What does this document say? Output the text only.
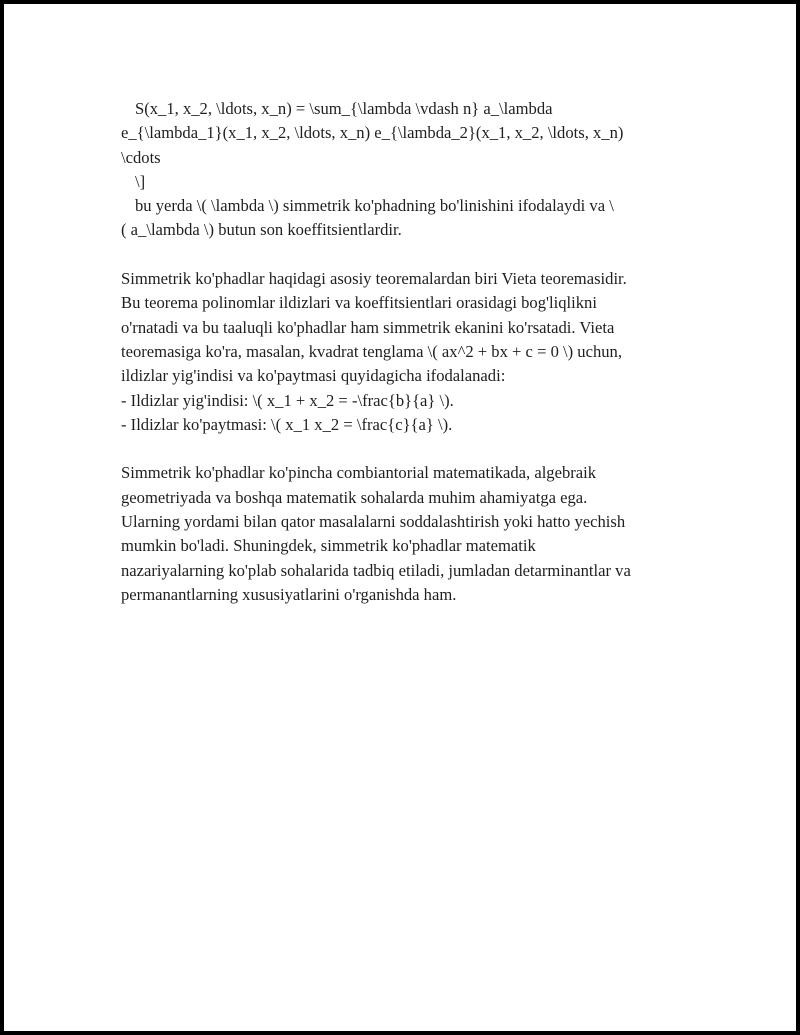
S(x_1, x_2, \ldots, x_n) = \sum_{\lambda \vdash n} a_\lambda
e_{\lambda_1}(x_1, x_2, \ldots, x_n) e_{\lambda_2}(x_1, x_2, \ldots, x_n)
\cdots
\]
bu yerda \( \lambda \) simmetrik ko'phadning bo'linishini ifodalaydi va \
( a_\lambda \) butun son koeffitsientlardir.
Simmetrik ko'phadlar haqidagi asosiy teoremalardan biri Vieta teoremasidir.
Bu teorema polinomlar ildizlari va koeffitsientlari orasidagi bog'liqlikni
o'rnatadi va bu taaluqli ko'phadlar ham simmetrik ekanini ko'rsatadi. Vieta
teoremasiga ko'ra, masalan, kvadrat tenglama \( ax^2 + bx + c = 0 \) uchun,
ildizlar yig'indisi va ko'paytmasi quyidagicha ifodalanadi:
- Ildizlar yig'indisi: \( x_1 + x_2 = -\frac{b}{a} \).
- Ildizlar ko'paytmasi: \( x_1 x_2 = \frac{c}{a} \).
Simmetrik ko'phadlar ko'pincha combiantorial matematikada, algebraik
geometriyada va boshqa matematik sohalarda muhim ahamiyatga ega.
Ularning yordami bilan qator masalalarni soddalashtirish yoki hatto yechish
mumkin bo'ladi. Shuningdek, simmetrik ko'phadlar matematik
nazariyalarning ko'plab sohalarida tadbiq etiladi, jumladan detarminantlar va
permanantlarning xususiyatlarini o'rganishda ham.
